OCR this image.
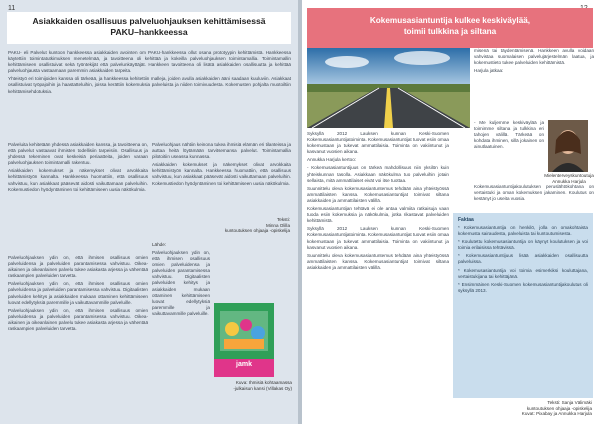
11
Asiakkaiden osallisuus palveluohjauksen kehittämisessä
PAKU–hankkeessa

PAKU- eli Palvelut kuntoon hankkeessa asiakkaiden avointen om PAKU-hankkeessa ollut osana prototyypin kehittämistä. Hankkeessa käytettiin toimintatutkimuksen menetelmää, ja tavoitteena oli kehittää ja kokeilla palveluohjauksen toimintamallia. Toimintamallin kehittämiseen osallistuivat sekä työntekijät että palvelunkäyttäjät. Hankkeen tavoitteena oli lisätä asiakkaiden osallisuutta ja kehittää palveluohjausta vastaamaan paremmin asiakkaiden tarpeita.

Yhteistyö eri toimijoiden kanssa oli tärkeää, ja hankkeessa kehitettiin malleja, joiden avulla asiakkaiden ääni saadaan kuuluviin. Asiakkaat osallistuivat työpajoihin ja haastatteluihin, joissa kerättiin kokemuksia palveluista ja niiden toimivuudesta. Kokemusten pohjalta muotoiltiin kehittämisehdotuksia.

Palveluita kehitetään yhdessä asiakkaiden kanssa, ja tavoitteena on, että palvelut vastaavat ihmisten todellisiin tarpeisiin. Osallisuus ja yhdessä tekeminen ovat keskeisiä periaatteita, joiden varaan palveluohjauksen toimintamalli rakentuu.

Asiakkaiden kokemukset ja näkemykset olivat arvokkaita kehittämistyön kannalta. Hankkeessa huomattiin, että osallisuus vahvistuu, kun asiakkaat pääsevät aidosti vaikuttamaan palveluihin. Kokemustiedon hyödyntäminen toi kehittämiseen uusia näkökulmia.

Palveluohjaus nähtiin keinona tukea ihmisiä elämän eri tilanteissa ja auttaa heitä löytämään tarvitsemansa palvelut. Toimintamallia pilotoitiin useassa kunnassa.

Asiakkaiden kokemukset ja näkemykset olivat arvokkaita kehittämistyön kannalta. Hankkeessa huomattiin, että osallisuus vahvistuu, kun asiakkaat pääsevät aidosti vaikuttamaan palveluihin. Kokemustiedon hyödyntäminen toi kehittämiseen uusia näkökulmia.

Teksti:
Minna Olilla
kuntoutuksen ohjaaja -opiskelija
Lähde:

Palveluohjauksen ydin on, että ihmisen osallisuus omien palveluidensa ja palveluiden parantamisessa vahvistuu. Oikea-aikainen ja oikeanlainen palvelu tukee asiakasta arjessa ja vähentää raskaampien palveluiden tarvetta.

Palveluohjauksen ydin on, että ihmisen osallisuus omien palveluidensa ja palveluiden parantamisessa vahvistuu. Digitaalisten palveluiden kehitys ja asiakkaiden mukaan ottaminen kehittämiseen luovat edellytyksiä paremmille ja vaikuttavammille palveluille.

Palveluohjauksen ydin on, että ihmisen osallisuus omien palveluidensa ja palveluiden parantamisessa vahvistuu. Oikea-aikainen ja oikeanlainen palvelu tukee asiakasta arjessa ja vähentää raskaampien palveluiden tarvetta.

Palveluohjauksen ydin on, että ihmisen osallisuus omien palveluidensa ja palveluiden parantamisessa vahvistuu. Digitaalisten palveluiden kehitys ja asiakkaiden mukaan ottaminen kehittämiseen luovat edellytyksiä paremmille ja vaikuttavammille palveluille.

jamk
Kuva: Ihmisiä kohtaamassa
-julkaisun kansi (Villakas Oy)
Kokemusasiantuntija kulkee keskiväylää,
toimii tulkkina ja siltana

misenä tai täydentämisenä. Hankkeen avulla voidaan vahvistaa suomalaisen palvelujärjestelmän laatua, ja kokemustieto tukee palveluiden kehittämistä.

Harjula jatkaa:

- Me kuljemme keskiväylää ja toimimme siltana ja tulkkina eri tahojen välillä. Tärkeää on kohdata ihminen, sillä jokainen on ainutlaatuinen.

Mielenterveyskuntoutuja
Annukka Harjula

Kokemusasiantuntijakoulutuksen peruslähtökohtana on vertaistuki ja oman kokemuksen jakaminen. Koulutus on kestänyt jo useita vuosia.

Syksyllä 2012 Lauksen kunnan Keski-Suomen Kokemusasiantuntijatoiminta. Kokemusasiantuntijat tuovat esiin omaa kokemustaan ja tukevat ammattilaisia. Toiminta on vakiintunut ja kasvanut vuosien aikana.

Annukka Harjula kertoo:

- Kokemusasiantuntijuus on tärkeä mahdollisuus niin yksilön kuin yhteiskunnan tasolla. Asiakkaan näkökulma tuo palveluihin jotain sellaista, mitä ammattilaiset eivät voi itse tuottaa.

Suunnittelu oleva kokemusasiantuntemus tehdään aina yhteistyössä ammattilaisten kanssa. Kokemusasiantuntijat toimivat siltana asiakkaiden ja ammattilaisten välillä.

Kokemusasiantuntijan tehtävä ei ole antaa valmiita ratkaisuja vaan tuoda esiin kokemuksia ja näkökulmia, jotka rikastavat palveluiden kehittämistä.

Syksyllä 2012 Lauksen kunnan Keski-Suomen Kokemusasiantuntijatoiminta. Kokemusasiantuntijat tuovat esiin omaa kokemustaan ja tukevat ammattilaisia. Toiminta on vakiintunut ja kasvanut vuosien aikana.

Suunnittelu oleva kokemusasiantuntemus tehdään aina yhteistyössä ammattilaisten kanssa. Kokemusasiantuntijat toimivat siltana asiakkaiden ja ammattilaisten välillä.

Faktaa

* Kokemusasiantuntija on henkilö, jolla on omakohtaista kokemusta sairaudesta, palveluista tai kuntoutumisesta.

* Koulutettu kokemusasiantuntija on käynyt koulutuksen ja voi toimia erilaisissa tehtävissä.

* Kokemusasiantuntijuus lisää asiakkaiden osallisuutta palveluissa.

* Kokemusasiantuntija voi toimia esimerkiksi kouluttajana, vertaistukijana tai kehittäjänä.

* Ensimmäinen Keski-Suomen kokemusasiantuntijakoulutus oli syksyllä 2013.

Teksti: Sanja Välimäki
kuntoutuksen ohjaaja -opiskelija
Kuvat: Pixabay ja Annukka Harjula
